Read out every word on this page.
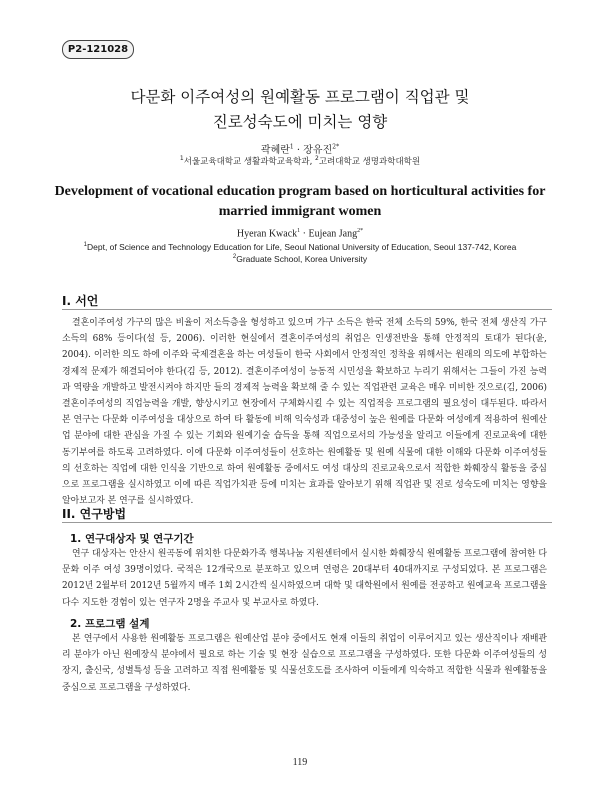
P2-121028
다문화 이주여성의 원예활동 프로그램이 직업관 및
진로성숙도에 미치는 영향
곽혜란$^1$ · 장유진$^{2*}$
$^1$서울교육대학교 생활과학교육학과, $^2$고려대학교 생명과학대학원
Development of vocational education program based on horticultural activities for
married immigrant women
Hyeran Kwack$^1$ · Eujean Jang$^{2*}$
$^1$Dept, of Science and Technology Education for Life, Seoul National University of Education, Seoul 137-742, Korea
$^2$Graduate School, Korea University
I. 서언

결혼이주여성 가구의 많은 비율이 저소득층을 형성하고 있으며 가구 소득은 한국 전체 소득의 59%, 한국 전체 생산직 가구소득의 68% 등이다(설 등, 2006). 이러한 현실에서 결혼이주여성의 취업은 인생전반을 통해 안정적의 토대가 된다(윤, 2004). 이러한 의도 하에 이주와 국제결혼을 하는 여성들이 한국 사회에서 안정적인 정착을 위해서는 원래의 의도에 부합하는 경제적 문제가 해결되어야 한다(김 등, 2012). 결혼이주여성이 능동적 시민성을 확보하고 누리기 위해서는 그들이 가진 능력과 역량을 개발하고 발전시켜야 하지만 들의 경제적 능력을 확보해 줄 수 있는 직업관련 교육은 매우 미비한 것으로(김, 2006) 결혼이주여성의 직업능력을 개발, 향상시키고 현장에서 구체화시킬 수 있는 직업적응 프로그램의 필요성이 대두된다. 따라서 본 연구는 다문화 이주여성을 대상으로 하여 타 활동에 비해 익숙성과 대중성이 높은 원예를 다문화 여성에게 적용하여 원예산업 분야에 대한 관심을 가질 수 있는 기회와 원예기술 습득을 통해 직업으로서의 가능성을 알리고 이들에게 진로교육에 대한 동기부여를 하도록 고려하였다. 이에 다문화 이주여성들이 선호하는 원예활동 및 원예 식물에 대한 이해와 다문화 이주여성들의 선호하는 직업에 대한 인식을 기반으로 하여 원예활동 중에서도 여성 대상의 진로교육으로서 적합한 화훼장식 활동을 중심으로 프로그램을 실시하였고 이에 따른 직업가치관 등에 미치는 효과를 알아보기 위해 직업관 및 진로 성숙도에 미치는 영향을 알아보고자 본 연구를 실시하였다.

II. 연구방법
1. 연구대상자 및 연구기간

연구 대상자는 안산시 원곡동에 위치한 다문화가족 행복나눔 지원센터에서 실시한 화훼장식 원예활동 프로그램에 참여한 다문화 이주 여성 39명이었다. 국적은 12개국으로 분포하고 있으며 연령은 20대부터 40대까지로 구성되었다. 본 프로그램은 2012년 2월부터 2012년 5월까지 매주 1회 2시간씩 실시하였으며 대학 및 대학원에서 원예를 전공하고 원예교육 프로그램을 다수 지도한 경험이 있는 연구자 2명을 주교사 및 부교사로 하였다.

2. 프로그램 설계

본 연구에서 사용한 원예활동 프로그램은 원예산업 분야 중에서도 현재 이들의 취업이 이루어지고 있는 생산직이나 재배관리 분야가 아닌 원예장식 분야에서 필요로 하는 기술 및 현장 실습으로 프로그램을 구성하였다. 또한 다문화 이주여성들의 성장지, 출신국, 성별특성 등을 고려하고 직접 원예활동 및 식물선호도를 조사하여 이들에게 익숙하고 적합한 식물과 원예활동을 중심으로 프로그램을 구성하였다.

119
